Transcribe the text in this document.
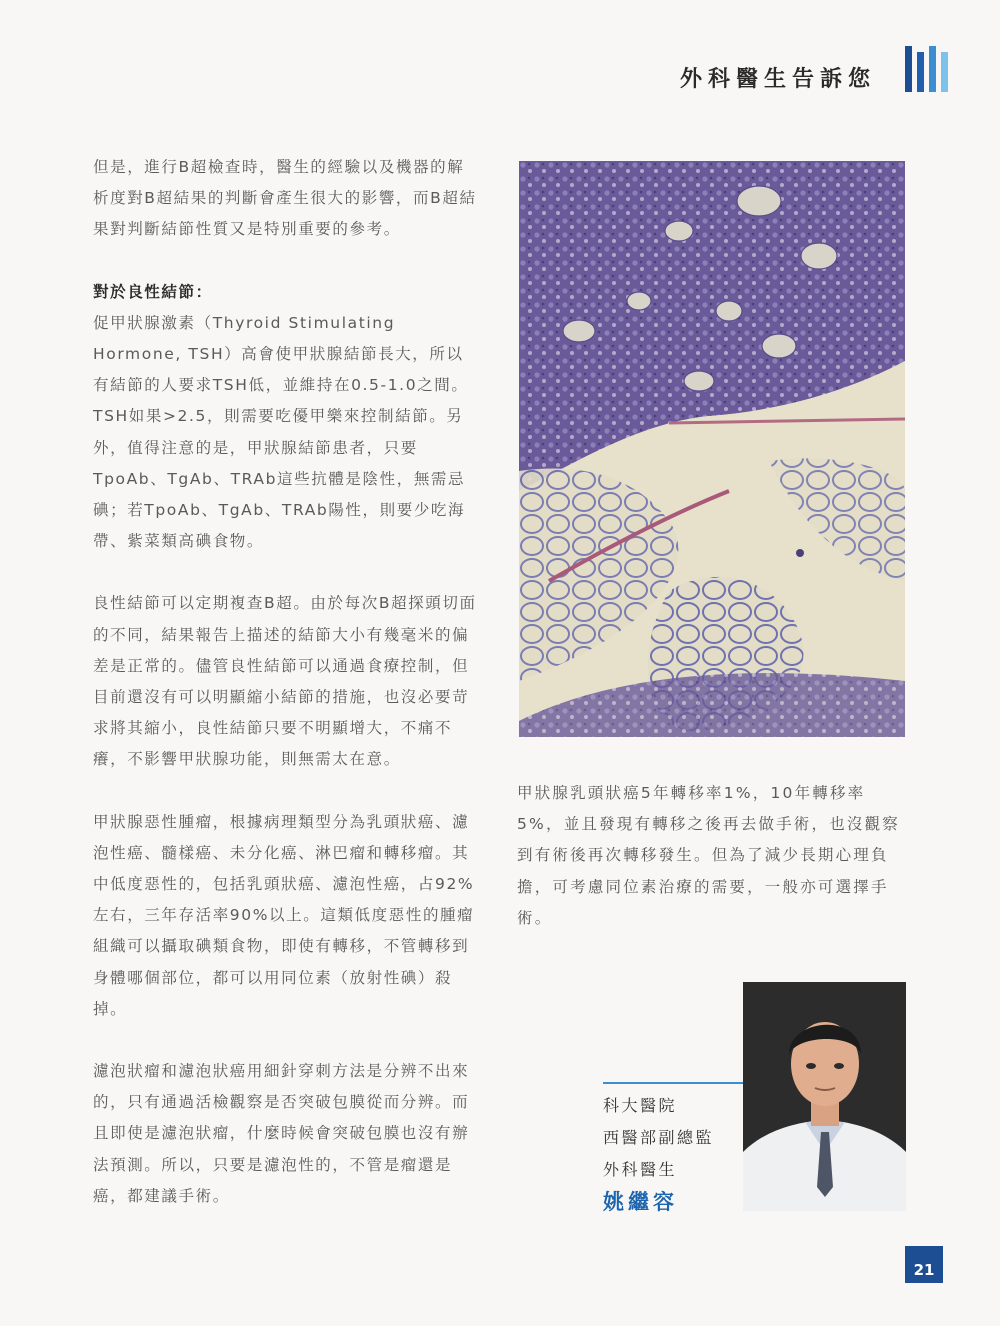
外科醫生告訴您

但是，進行B超檢查時，醫生的經驗以及機器的解析度對B超結果的判斷會產生很大的影響，而B超結果對判斷結節性質又是特別重要的參考。

對於良性結節：

促甲狀腺激素（Thyroid Stimulating Hormone, TSH）高會使甲狀腺結節長大，所以有結節的人要求TSH低，並維持在0.5-1.0之間。TSH如果>2.5，則需要吃優甲樂來控制結節。另外，值得注意的是，甲狀腺結節患者，只要TpoAb、TgAb、TRAb這些抗體是陰性，無需忌碘；若TpoAb、TgAb、TRAb陽性，則要少吃海帶、紫菜類高碘食物。

良性結節可以定期複查B超。由於每次B超探頭切面的不同，結果報告上描述的結節大小有幾毫米的偏差是正常的。儘管良性結節可以通過食療控制，但目前還沒有可以明顯縮小結節的措施，也沒必要苛求將其縮小，良性結節只要不明顯增大，不痛不癢，不影響甲狀腺功能，則無需太在意。

甲狀腺惡性腫瘤，根據病理類型分為乳頭狀癌、濾泡性癌、髓樣癌、未分化癌、淋巴瘤和轉移瘤。其中低度惡性的，包括乳頭狀癌、濾泡性癌，占92%左右，三年存活率90%以上。這類低度惡性的腫瘤組織可以攝取碘類食物，即使有轉移，不管轉移到身體哪個部位，都可以用同位素（放射性碘）殺掉。

濾泡狀瘤和濾泡狀癌用細針穿刺方法是分辨不出來的，只有通過活檢觀察是否突破包膜從而分辨。而且即使是濾泡狀瘤，什麼時候會突破包膜也沒有辦法預測。所以，只要是濾泡性的，不管是瘤還是癌，都建議手術。

甲狀腺乳頭狀癌5年轉移率1%，10年轉移率5%，並且發現有轉移之後再去做手術，也沒觀察到有術後再次轉移發生。但為了減少長期心理負擔，可考慮同位素治療的需要，一般亦可選擇手術。

科大醫院
西醫部副總監
外科醫生
姚繼容
21
